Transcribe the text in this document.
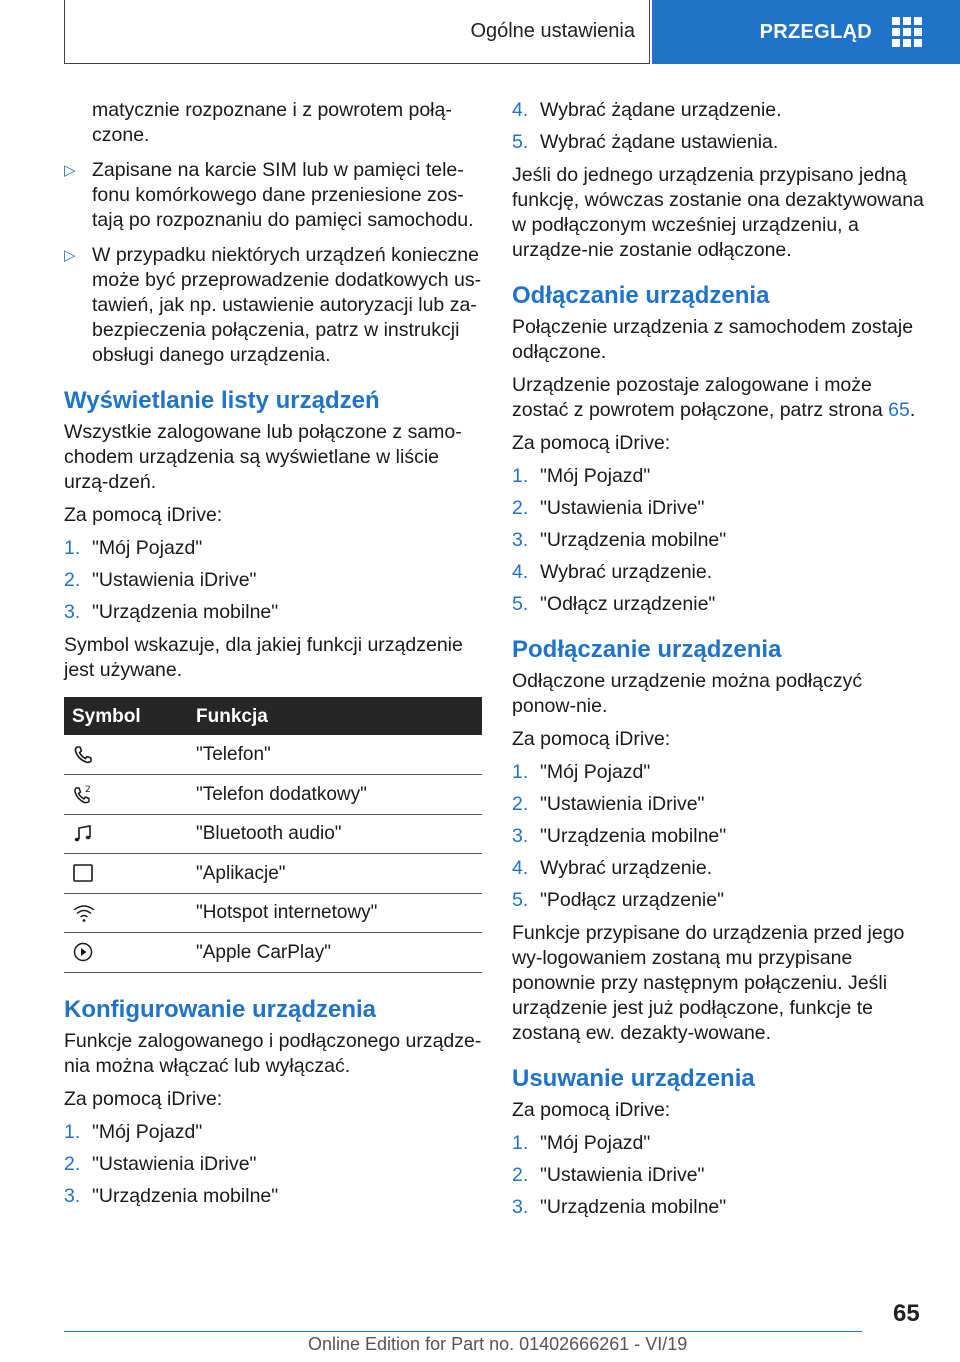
Ogólne ustawienia	PRZEGLĄD

matycznie rozpoznane i z powrotem połą‐czone.

▷ Zapisane na karcie SIM lub w pamięci tele‐fonu komórkowego dane przeniesione zos‐tają po rozpoznaniu do pamięci samochodu.
▷ W przypadku niektórych urządzeń konieczne może być przeprowadzenie dodatkowych us‐tawień, jak np. ustawienie autoryzacji lub za‐bezpieczenia połączenia, patrz w instrukcji obsługi danego urządzenia.
Wyświetlanie listy urządzeń

Wszystkie zalogowane lub połączone z samo‐chodem urządzenia są wyświetlane w liście urzą‐dzeń.

Za pomocą iDrive:

1. "Mój Pojazd"
2. "Ustawienia iDrive"
3. "Urządzenia mobilne"

Symbol wskazuje, dla jakiej funkcji urządzenie jest używane.

Symbol	Funkcja

	"Telefon"

2	"Telefon dodatkowy"

	"Bluetooth audio"

	"Aplikacje"

	"Hotspot internetowy"

	"Apple CarPlay"
Konfigurowanie urządzenia

Funkcje zalogowanego i podłączonego urządze‐nia można włączać lub wyłączać.

Za pomocą iDrive:

1. "Mój Pojazd"
2. "Ustawienia iDrive"
3. "Urządzenia mobilne"
4. Wybrać żądane urządzenie.
5. Wybrać żądane ustawienia.

Jeśli do jednego urządzenia przypisano jedną funkcję, wówczas zostanie ona dezaktywowana w podłączonym wcześniej urządzeniu, a urządze‐nie zostanie odłączone.

Odłączanie urządzenia

Połączenie urządzenia z samochodem zostaje odłączone.

Urządzenie pozostaje zalogowane i może zostać z powrotem połączone, patrz strona 65.

Za pomocą iDrive:

1. "Mój Pojazd"
2. "Ustawienia iDrive"
3. "Urządzenia mobilne"
4. Wybrać urządzenie.
5. "Odłącz urządzenie"
Podłączanie urządzenia

Odłączone urządzenie można podłączyć ponow‐nie.

Za pomocą iDrive:

1. "Mój Pojazd"
2. "Ustawienia iDrive"
3. "Urządzenia mobilne"
4. Wybrać urządzenie.
5. "Podłącz urządzenie"

Funkcje przypisane do urządzenia przed jego wy‐logowaniem zostaną mu przypisane ponownie przy następnym połączeniu. Jeśli urządzenie jest już podłączone, funkcje te zostaną ew. dezakty‐wowane.

Usuwanie urządzenia

Za pomocą iDrive:

1. "Mój Pojazd"
2. "Ustawienia iDrive"
3. "Urządzenia mobilne"
65
Online Edition for Part no. 01402666261 - VI/19
